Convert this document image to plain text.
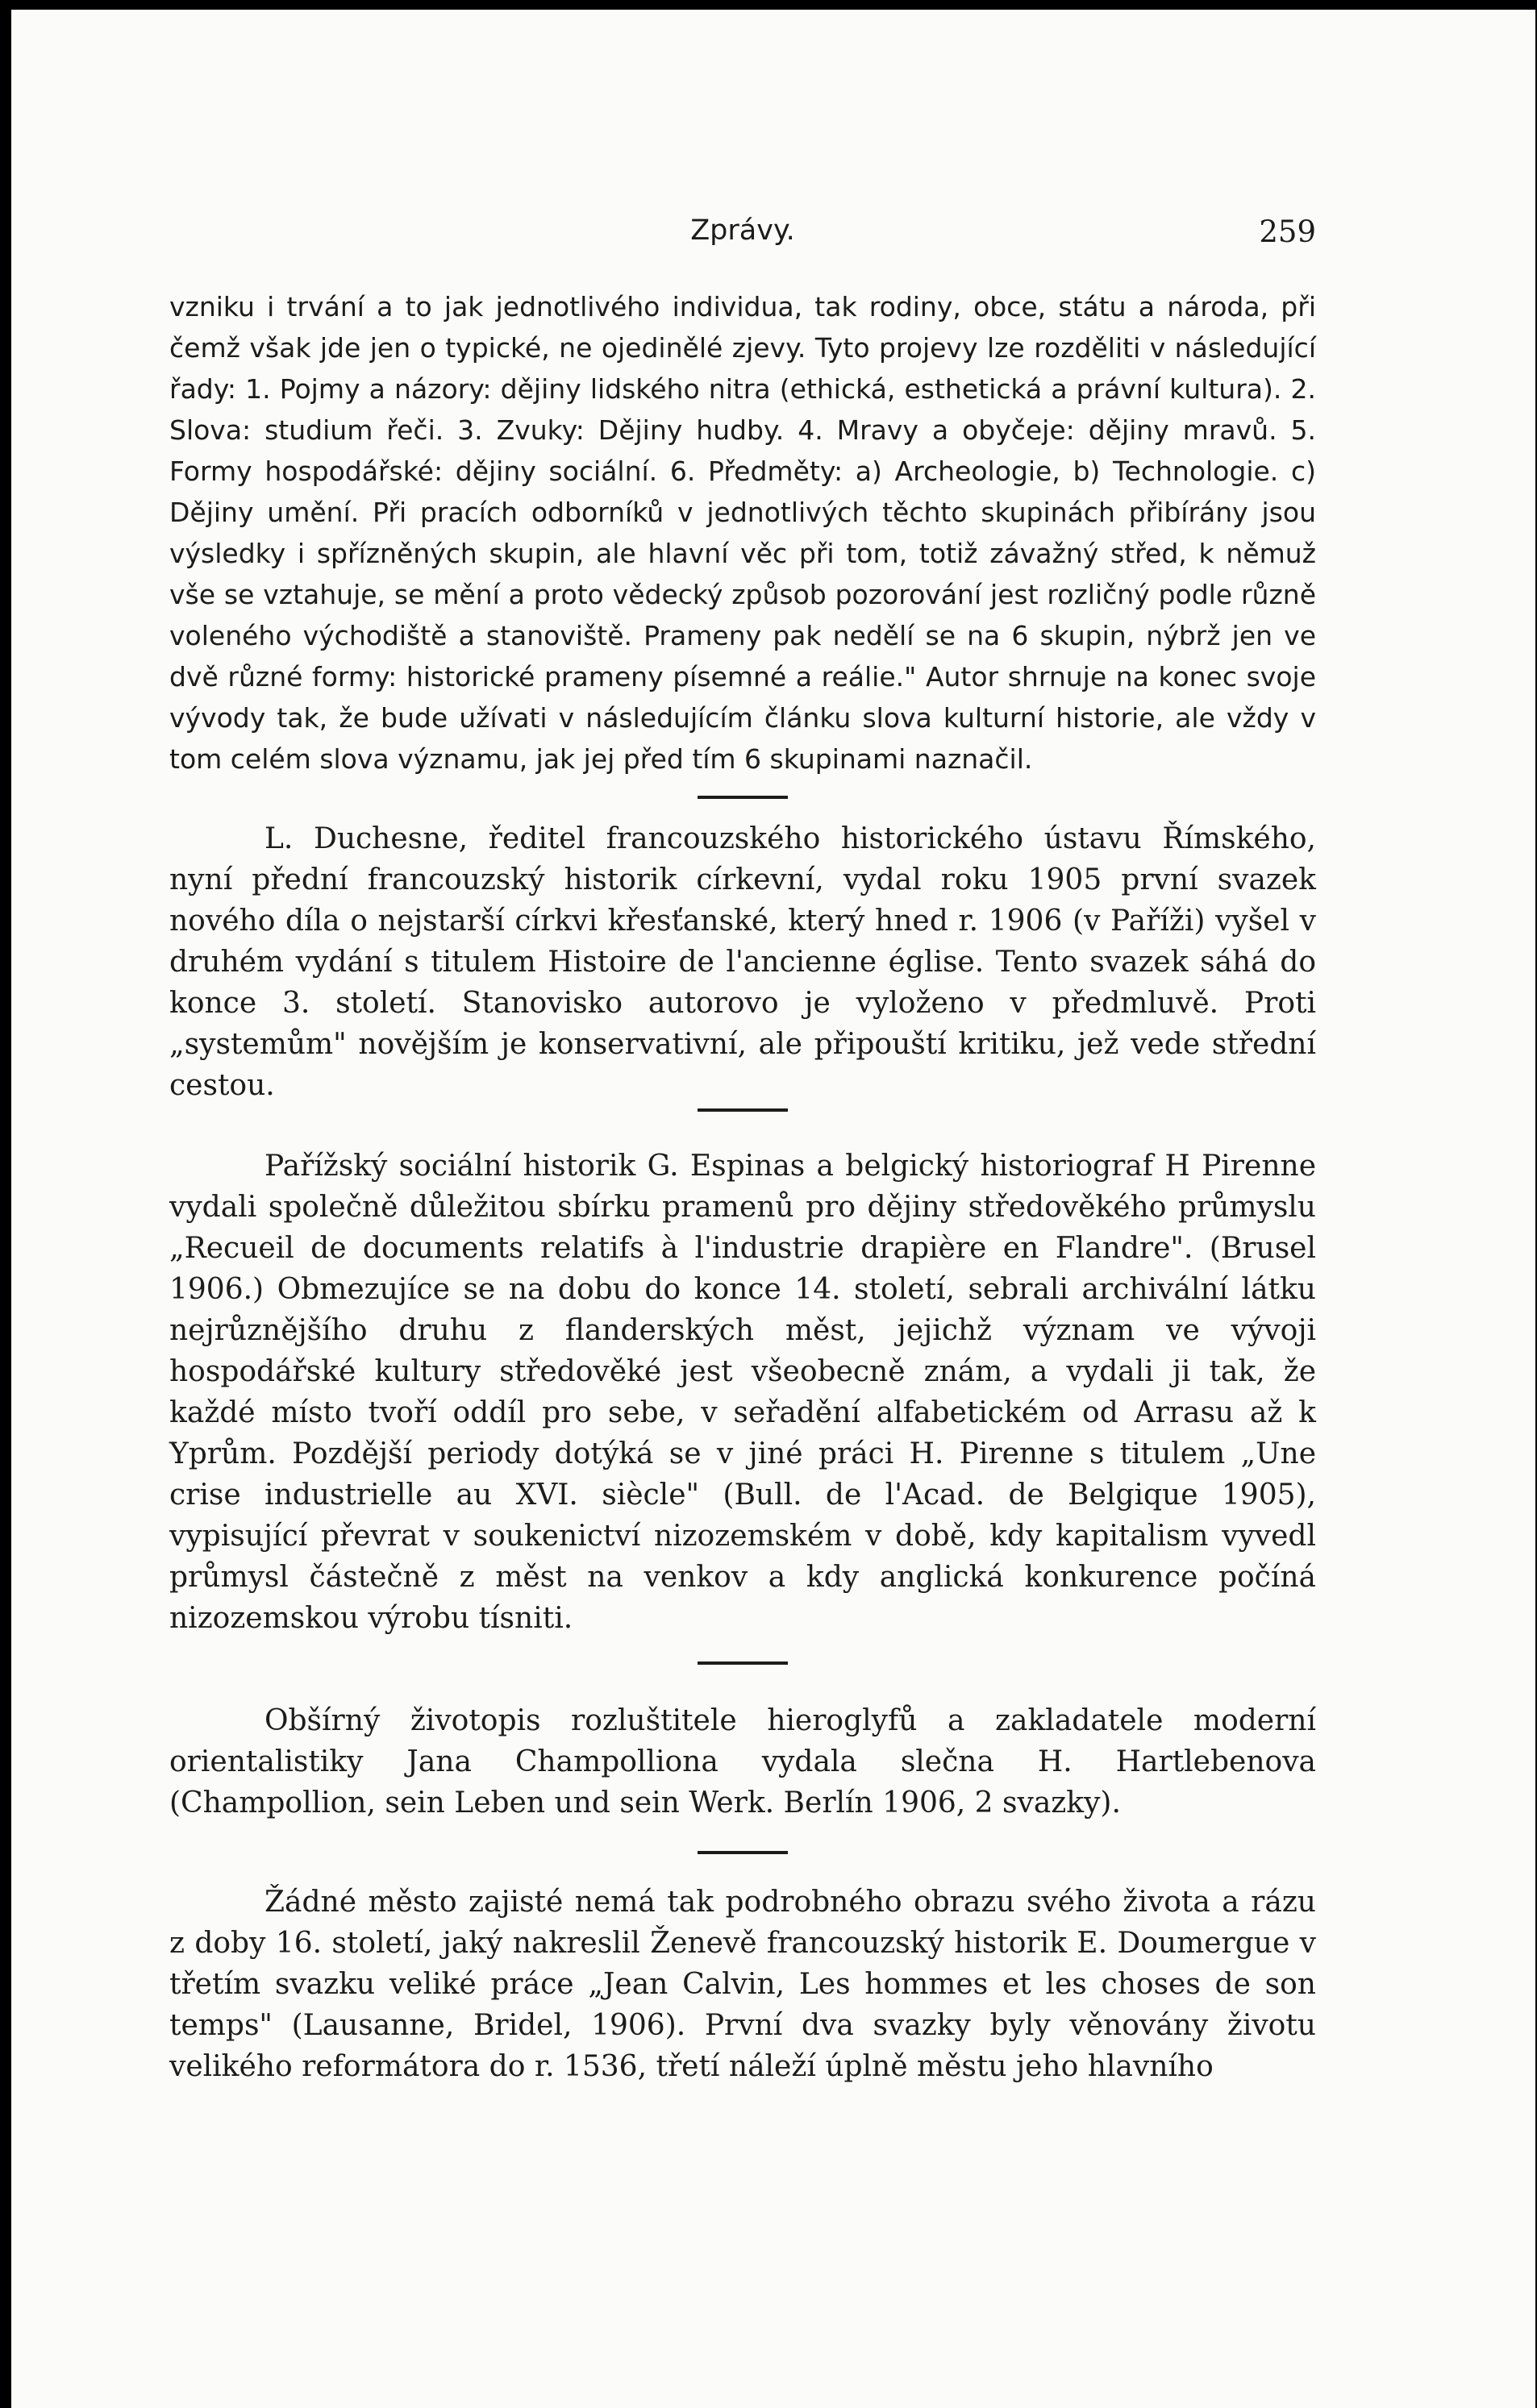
Zprávy.	259

vzniku i trvání a to jak jednotlivého individua, tak rodiny, obce, státu a národa, při čemž však jde jen o typické, ne ojedinělé zjevy. Tyto projevy lze rozděliti v následující řady: 1. Pojmy a názory: dějiny lidského nitra (ethická, esthetická a právní kultura). 2. Slova: studium řeči. 3. Zvuky: Dějiny hudby. 4. Mravy a obyčeje: dějiny mravů. 5. Formy hospodářské: dějiny sociální. 6. Předměty: a) Archeologie, b) Technologie. c) Dějiny umění. Při pracích odborníků v jednotlivých těchto skupinách přibírány jsou výsledky i spřízněných skupin, ale hlavní věc při tom, totiž závažný střed, k němuž vše se vztahuje, se mění a proto vědecký způsob pozorování jest rozličný podle různě voleného východiště a stanoviště. Prameny pak nedělí se na 6 skupin, nýbrž jen ve dvě různé formy: historické prameny písemné a reálie." Autor shrnuje na konec svoje vývody tak, že bude užívati v následujícím článku slova kulturní historie, ale vždy v tom celém slova významu, jak jej před tím 6 skupinami naznačil.

L. Duchesne, ředitel francouzského historického ústavu Římského, nyní přední francouzský historik církevní, vydal roku 1905 první svazek nového díla o nejstarší církvi křesťanské, který hned r. 1906 (v Paříži) vyšel v druhém vydání s titulem Histoire de l'ancienne église. Tento svazek sáhá do konce 3. století. Stanovisko autorovo je vyloženo v předmluvě. Proti „systemům" novějším je konservativní, ale připouští kritiku, jež vede střední cestou.

Pařížský sociální historik G. Espinas a belgický historiograf H Pirenne vydali společně důležitou sbírku pramenů pro dějiny středověkého průmyslu „Recueil de documents relatifs à l'industrie drapière en Flandre". (Brusel 1906.) Obmezujíce se na dobu do konce 14. století, sebrali archivální látku nejrůznějšího druhu z flanderských měst, jejichž význam ve vývoji hospodářské kultury středověké jest všeobecně znám, a vydali ji tak, že každé místo tvoří oddíl pro sebe, v seřadění alfabetickém od Arrasu až k Yprům. Pozdější periody dotýká se v jiné práci H. Pirenne s titulem „Une crise industrielle au XVI. siècle" (Bull. de l'Acad. de Belgique 1905), vypisující převrat v soukenictví nizozemském v době, kdy kapitalism vyvedl průmysl částečně z měst na venkov a kdy anglická konkurence počíná nizozemskou výrobu tísniti.

Obšírný životopis rozluštitele hieroglyfů a zakladatele moderní orientalistiky Jana Champolliona vydala slečna H. Hartlebenova (Champollion, sein Leben und sein Werk. Berlín 1906, 2 svazky).

Žádné město zajisté nemá tak podrobného obrazu svého života a rázu z doby 16. století, jaký nakreslil Ženevě francouzský historik E. Doumergue v třetím svazku veliké práce „Jean Calvin, Les hommes et les choses de son temps" (Lausanne, Bridel, 1906). První dva svazky byly věnovány životu velikého reformátora do r. 1536, třetí náleží úplně městu jeho hlavního
